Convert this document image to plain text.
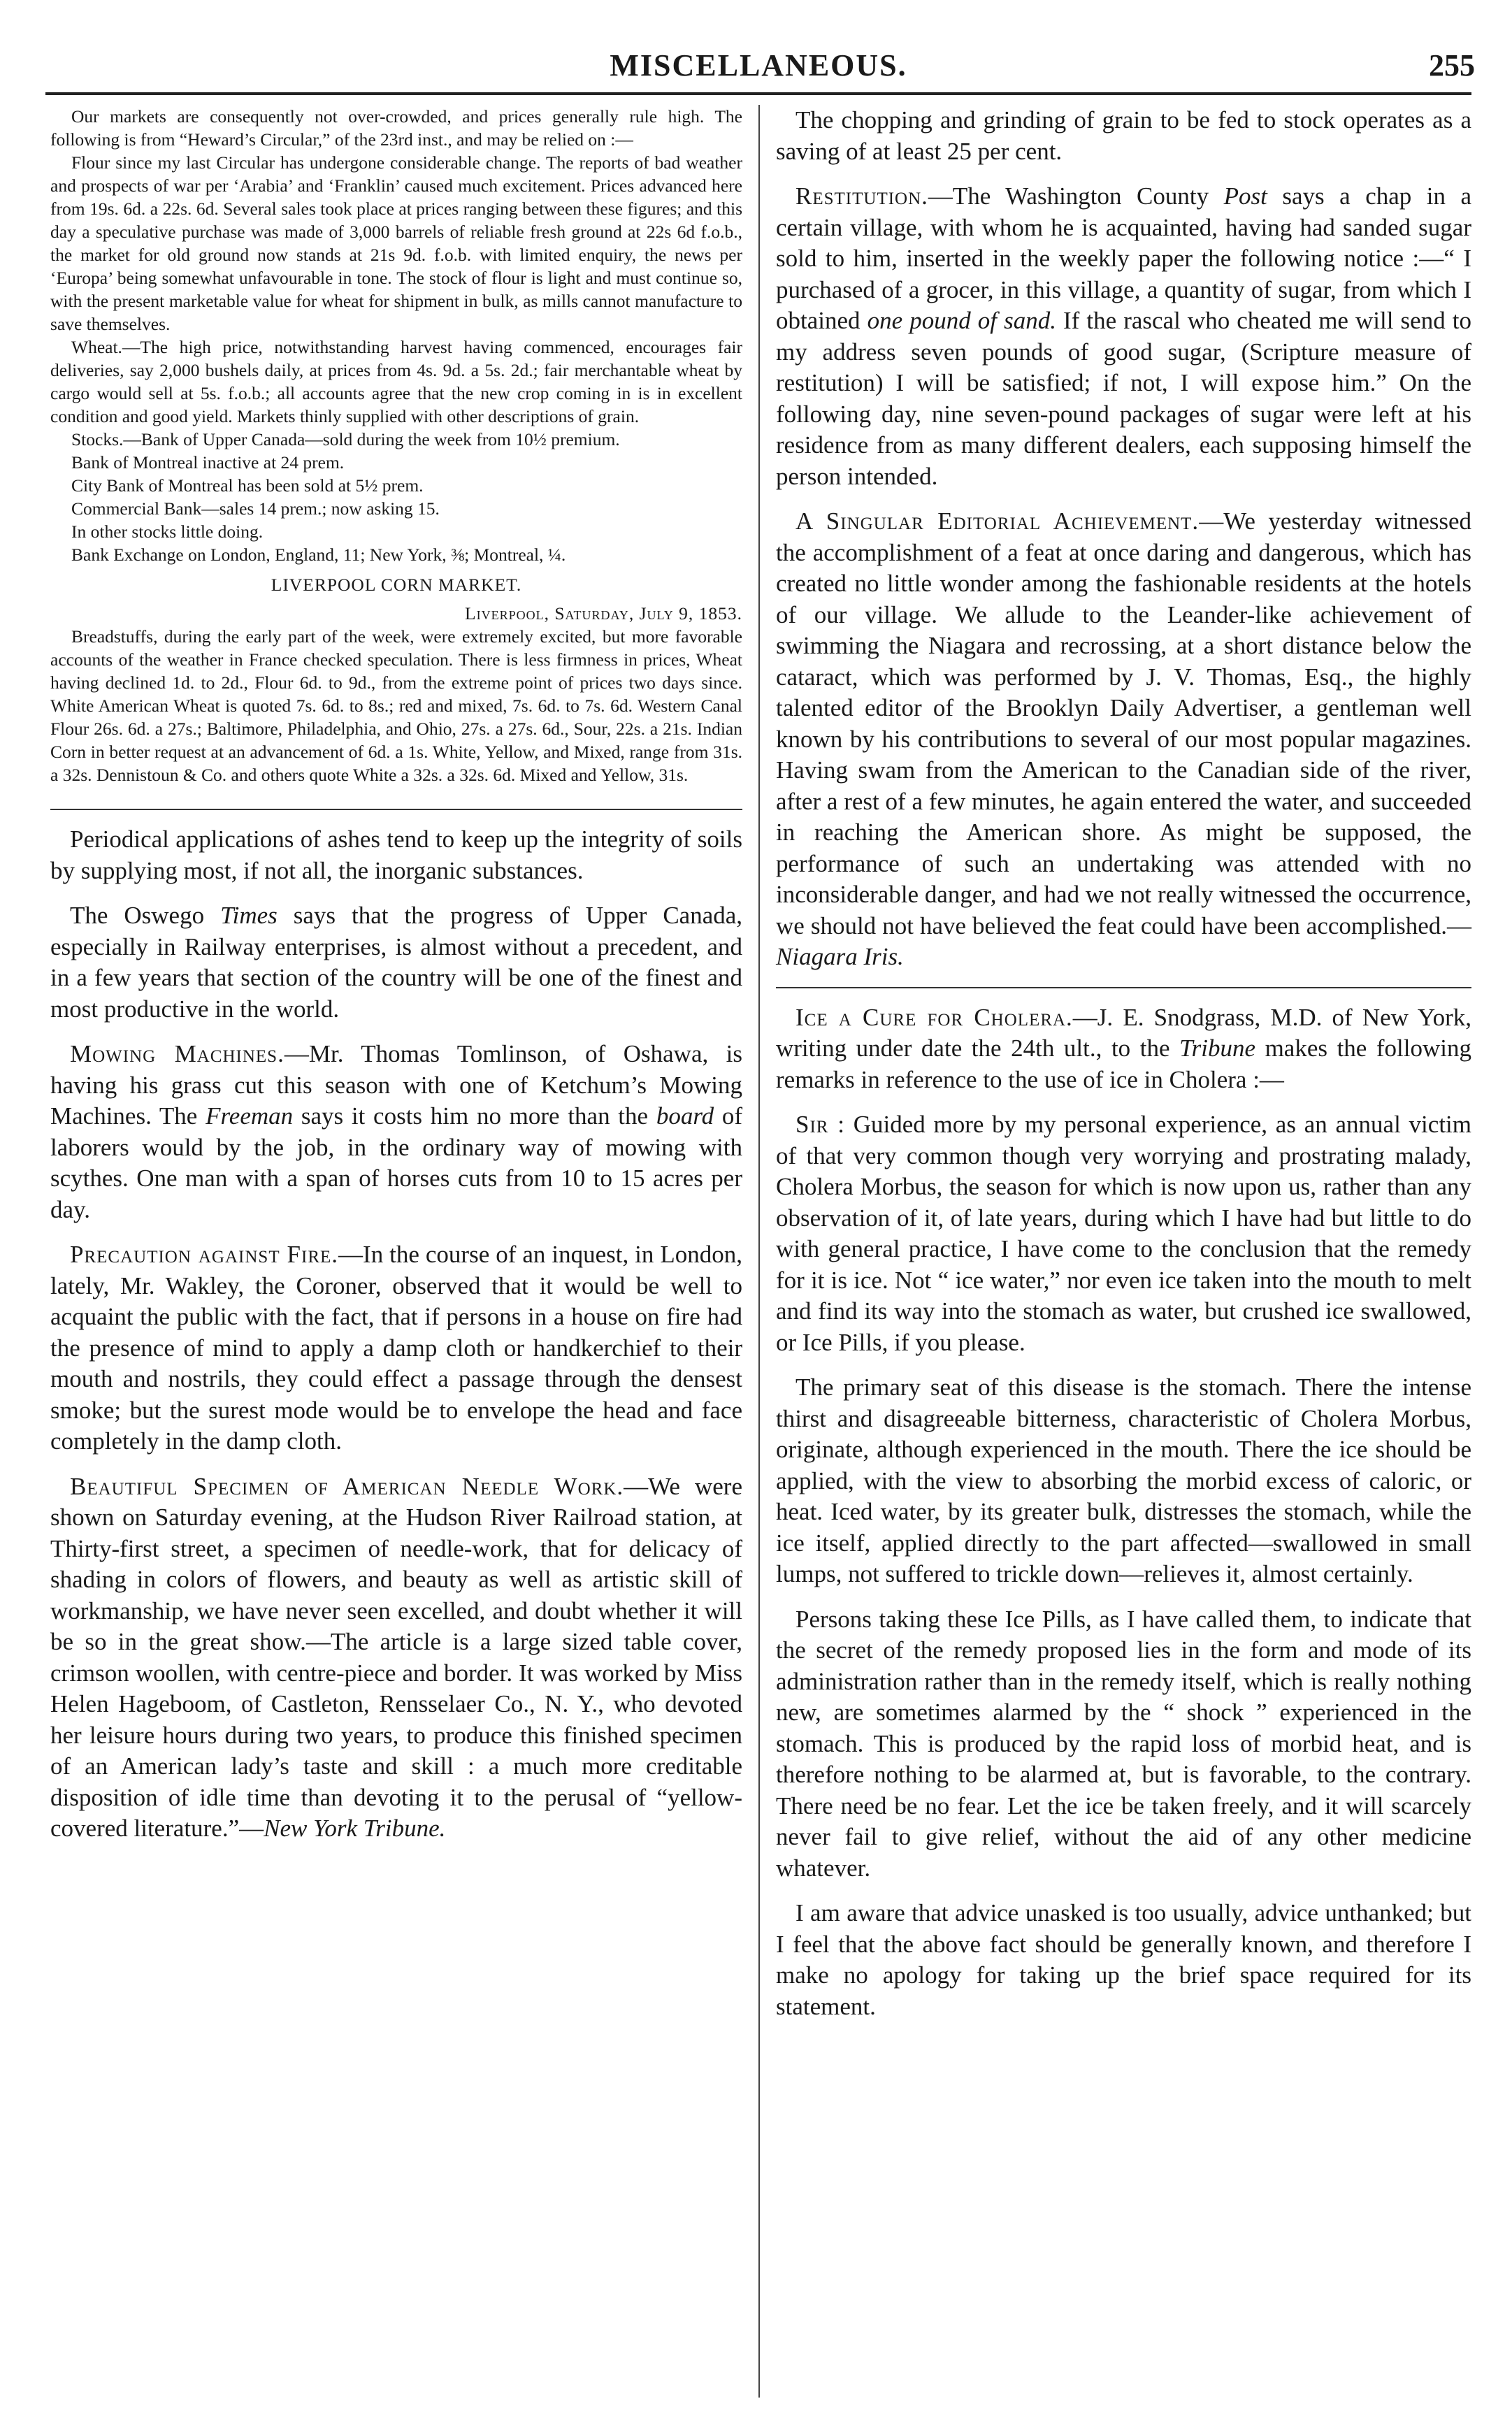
MISCELLANEOUS.	255

Our markets are consequently not over-crowded, and prices generally rule high. The following is from “Heward’s Circular,” of the 23rd inst., and may be relied on :—

Flour since my last Circular has undergone considerable change. The reports of bad weather and prospects of war per ‘Arabia’ and ‘Franklin’ caused much excitement. Prices advanced here from 19s. 6d. a 22s. 6d. Several sales took place at prices ranging between these figures; and this day a speculative purchase was made of 3,000 barrels of reliable fresh ground at 22s 6d f.o.b., the market for old ground now stands at 21s 9d. f.o.b. with limited enquiry, the news per ‘Europa’ being somewhat unfavourable in tone. The stock of flour is light and must continue so, with the present marketable value for wheat for shipment in bulk, as mills cannot manufacture to save themselves.

Wheat.—The high price, notwithstanding harvest having commenced, encourages fair deliveries, say 2,000 bushels daily, at prices from 4s. 9d. a 5s. 2d.; fair merchantable wheat by cargo would sell at 5s. f.o.b.; all accounts agree that the new crop coming in is in excellent condition and good yield. Markets thinly supplied with other descriptions of grain.

Stocks.—Bank of Upper Canada—sold during the week from 10½ premium.

Bank of Montreal inactive at 24 prem.

City Bank of Montreal has been sold at 5½ prem.

Commercial Bank—sales 14 prem.; now asking 15.

In other stocks little doing.

Bank Exchange on London, England, 11; New York, ⅜; Montreal, ¼.

LIVERPOOL CORN MARKET.

Liverpool, Saturday, July 9, 1853.

Breadstuffs, during the early part of the week, were extremely excited, but more favorable accounts of the weather in France checked speculation. There is less firmness in prices, Wheat having declined 1d. to 2d., Flour 6d. to 9d., from the extreme point of prices two days since. White American Wheat is quoted 7s. 6d. to 8s.; red and mixed, 7s. 6d. to 7s. 6d. Western Canal Flour 26s. 6d. a 27s.; Baltimore, Philadelphia, and Ohio, 27s. a 27s. 6d., Sour, 22s. a 21s. Indian Corn in better request at an advancement of 6d. a 1s. White, Yellow, and Mixed, range from 31s. a 32s. Dennistoun & Co. and others quote White a 32s. a 32s. 6d. Mixed and Yellow, 31s.

Periodical applications of ashes tend to keep up the integrity of soils by supplying most, if not all, the inorganic substances.

The Oswego Times says that the progress of Upper Canada, especially in Railway enterprises, is almost without a precedent, and in a few years that section of the country will be one of the finest and most productive in the world.

Mowing Machines.—Mr. Thomas Tomlinson, of Oshawa, is having his grass cut this season with one of Ketchum’s Mowing Machines. The Freeman says it costs him no more than the board of laborers would by the job, in the ordinary way of mowing with scythes. One man with a span of horses cuts from 10 to 15 acres per day.

Precaution against Fire.—In the course of an inquest, in London, lately, Mr. Wakley, the Coroner, observed that it would be well to acquaint the public with the fact, that if persons in a house on fire had the presence of mind to apply a damp cloth or handkerchief to their mouth and nostrils, they could effect a passage through the densest smoke; but the surest mode would be to envelope the head and face completely in the damp cloth.

Beautiful Specimen of American Needle Work.—We were shown on Saturday evening, at the Hudson River Railroad station, at Thirty-first street, a specimen of needle-work, that for delicacy of shading in colors of flowers, and beauty as well as artistic skill of workmanship, we have never seen excelled, and doubt whether it will be so in the great show.—The article is a large sized table cover, crimson woollen, with centre-piece and border. It was worked by Miss Helen Hageboom, of Castleton, Rensselaer Co., N. Y., who devoted her leisure hours during two years, to produce this finished specimen of an American lady’s taste and skill : a much more creditable disposition of idle time than devoting it to the perusal of “yellow-covered literature.”—New York Tribune.

The chopping and grinding of grain to be fed to stock operates as a saving of at least 25 per cent.

Restitution.—The Washington County Post says a chap in a certain village, with whom he is acquainted, having had sanded sugar sold to him, inserted in the weekly paper the following notice :—“ I purchased of a grocer, in this village, a quantity of sugar, from which I obtained one pound of sand. If the rascal who cheated me will send to my address seven pounds of good sugar, (Scripture measure of restitution) I will be satisfied; if not, I will expose him.” On the following day, nine seven-pound packages of sugar were left at his residence from as many different dealers, each supposing himself the person intended.

A Singular Editorial Achievement.—We yesterday witnessed the accomplishment of a feat at once daring and dangerous, which has created no little wonder among the fashionable residents at the hotels of our village. We allude to the Leander-like achievement of swimming the Niagara and recrossing, at a short distance below the cataract, which was performed by J. V. Thomas, Esq., the highly talented editor of the Brooklyn Daily Advertiser, a gentleman well known by his contributions to several of our most popular magazines. Having swam from the American to the Canadian side of the river, after a rest of a few minutes, he again entered the water, and succeeded in reaching the American shore. As might be supposed, the performance of such an undertaking was attended with no inconsiderable danger, and had we not really witnessed the occurrence, we should not have believed the feat could have been accomplished.—Niagara Iris.

Ice a Cure for Cholera.—J. E. Snodgrass, M.D. of New York, writing under date the 24th ult., to the Tribune makes the following remarks in reference to the use of ice in Cholera :—

Sir : Guided more by my personal experience, as an annual victim of that very common though very worrying and prostrating malady, Cholera Morbus, the season for which is now upon us, rather than any observation of it, of late years, during which I have had but little to do with general practice, I have come to the conclusion that the remedy for it is ice. Not “ ice water,” nor even ice taken into the mouth to melt and find its way into the stomach as water, but crushed ice swallowed, or Ice Pills, if you please.

The primary seat of this disease is the stomach. There the intense thirst and disagreeable bitterness, characteristic of Cholera Morbus, originate, although experienced in the mouth. There the ice should be applied, with the view to absorbing the morbid excess of caloric, or heat. Iced water, by its greater bulk, distresses the stomach, while the ice itself, applied directly to the part affected—swallowed in small lumps, not suffered to trickle down—relieves it, almost certainly.

Persons taking these Ice Pills, as I have called them, to indicate that the secret of the remedy proposed lies in the form and mode of its administration rather than in the remedy itself, which is really nothing new, are sometimes alarmed by the “ shock ” experienced in the stomach. This is produced by the rapid loss of morbid heat, and is therefore nothing to be alarmed at, but is favorable, to the contrary. There need be no fear. Let the ice be taken freely, and it will scarcely never fail to give relief, without the aid of any other medicine whatever.

I am aware that advice unasked is too usually, advice unthanked; but I feel that the above fact should be generally known, and therefore I make no apology for taking up the brief space required for its statement.
